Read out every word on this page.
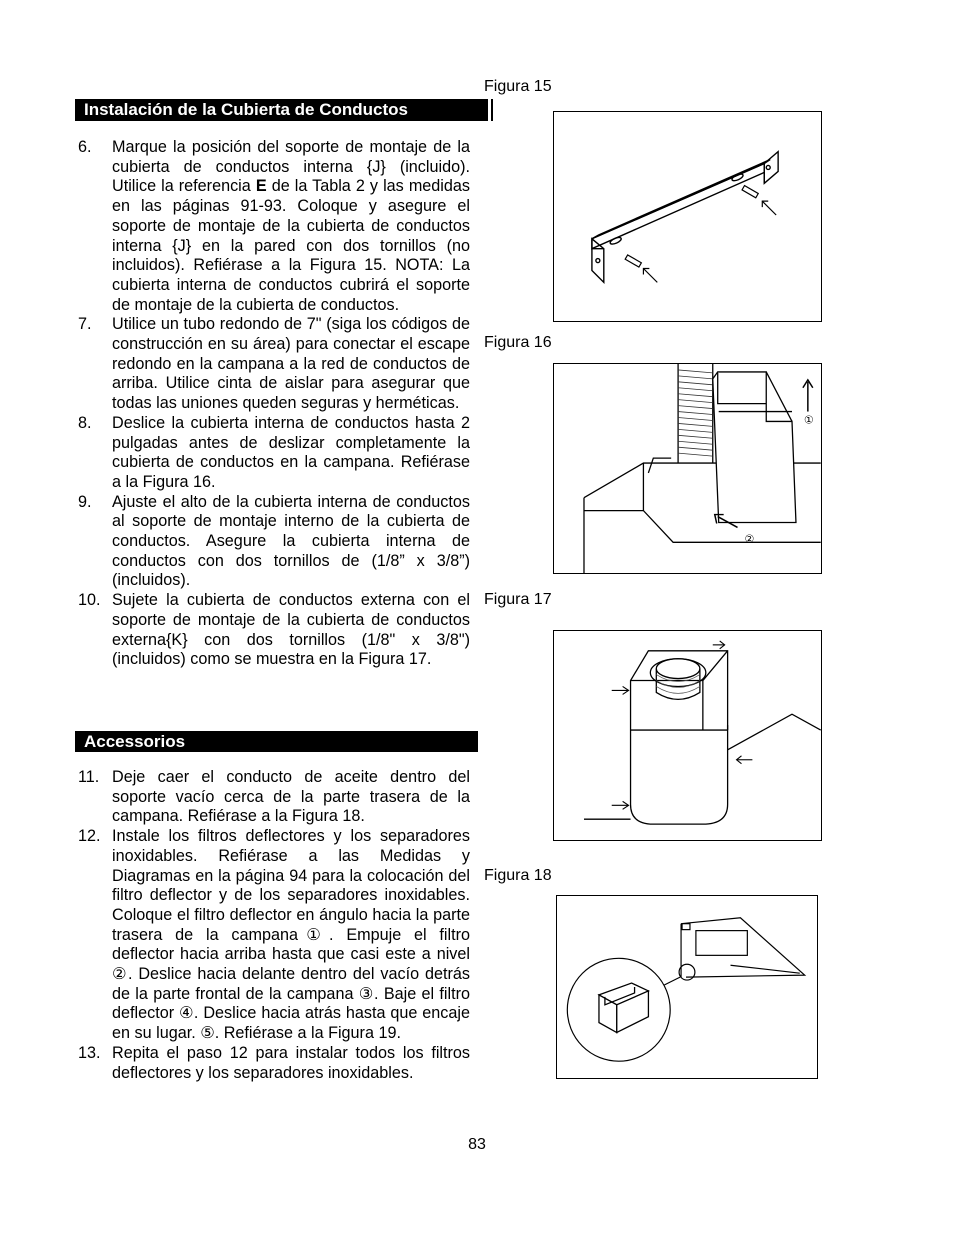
Instalación de la Cubierta de Conductos
6.	Marque la posición del soporte de montaje de la cubierta de conductos interna {J} (incluido). Utilice la referencia E de la Tabla 2 y las medidas en las páginas 91-93. Coloque y asegure el soporte de montaje de la cubierta de conductos interna {J} en la pared con dos tornillos (no incluidos). Refiérase a la Figura 15. NOTA: La cubierta interna de conductos cubrirá el soporte de montaje de la cubierta de conductos.
7.	Utilice un tubo redondo de 7" (siga los códigos de construcción en su área) para conectar el escape redondo en la campana a la red de conductos de arriba. Utilice cinta de aislar para asegurar que todas las uniones queden seguras y herméticas.
8.	Deslice la cubierta interna de conductos hasta 2 pulgadas antes de deslizar completamente la cubierta de conductos en la campana. Refiérase a la Figura 16.
9.	Ajuste el alto de la cubierta interna de conductos al soporte de montaje interno de la cubierta de conductos. Asegure la cubierta interna de conductos con dos tornillos de (1/8” x 3/8”) (incluidos).
10. Sujete la cubierta de conductos externa con el soporte de montaje de la cubierta de conductos externa{K} con dos tornillos (1/8" x 3/8")(incluidos) como se muestra en la Figura 17.
Accessorios
11. Deje caer el conducto de aceite dentro del soporte vacío cerca de la parte trasera de la campana. Refiérase a la Figura 18.
12. Instale los filtros deflectores y los separadores inoxidables. Refiérase a las Medidas y Diagramas en la página 94 para la colocación del filtro deflector y de los separadores inoxidables. Coloque el filtro deflector en ángulo hacia la parte trasera de la campana①. Empuje el filtro deflector hacia arriba hasta que casi este a nivel ②. Deslice hacia delante dentro del vacío detrás de la parte frontal de la campana ③. Baje el filtro deflector ④. Deslice hacia atrás hasta que encaje en su lugar. ⑤. Refiérase a la Figura 19.
13. Repita el paso 12 para instalar todos los filtros deflectores y los separadores inoxidables.
Figura 15
Figura 16
①
②
Figura 17
Figura 18
83
